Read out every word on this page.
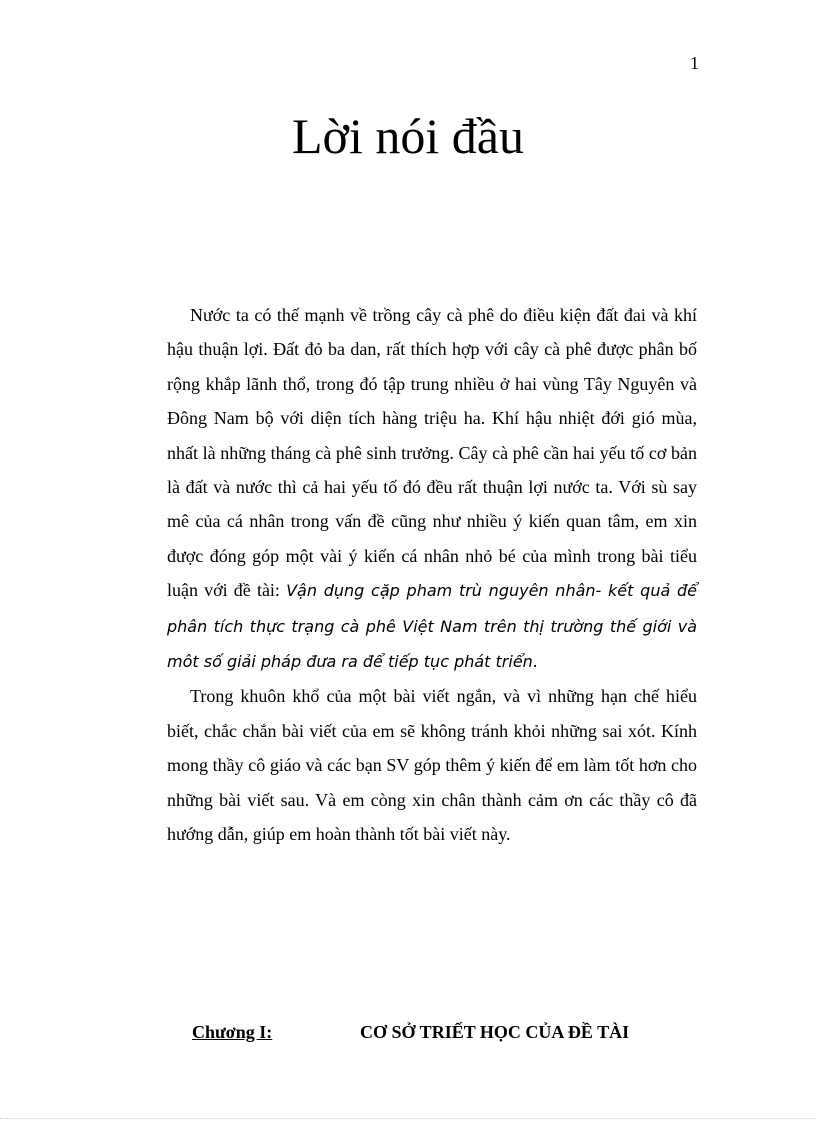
1
Lời nói đầu

Nước ta có thế mạnh về trồng cây cà phê do điều kiện đất đai và khí hậu thuận lợi. Đất đỏ ba dan, rất thích hợp với cây cà phê được phân bố rộng khắp lãnh thổ, trong đó tập trung nhiều ở hai vùng Tây Nguyên và Đông Nam bộ với diện tích hàng triệu ha. Khí hậu nhiệt đới gió mùa, nhất là những tháng cà phê sinh trưởng. Cây cà phê cần hai yếu tố cơ bản là đất và nước thì cả hai yếu tố đó đều rất thuận lợi nước ta. Với sù say mê của cá nhân trong vấn đề cũng như nhiều ý kiến quan tâm, em xin được đóng góp một vài ý kiến cá nhân nhỏ bé của mình trong bài tiểu luận với đề tài: Vận dụng cặp pham trù nguyên nhân- kết quả để phân tích thực trạng cà phê Việt Nam trên thị trường thế giới và môt số giải pháp đưa ra để tiếp tục phát triển.

Trong khuôn khổ của một bài viết ngắn, và vì những hạn chế hiểu biết, chắc chắn bài viết của em sẽ không tránh khỏi những sai xót. Kính mong thầy cô giáo và các bạn SV góp thêm ý kiến để em làm tốt hơn cho những bài viết sau. Và em còng xin chân thành cảm ơn các thầy cô đã hướng dẫn, giúp em hoàn thành tốt bài viết này.

Chương I:	CƠ SỞ TRIẾT HỌC CỦA ĐỀ TÀI
